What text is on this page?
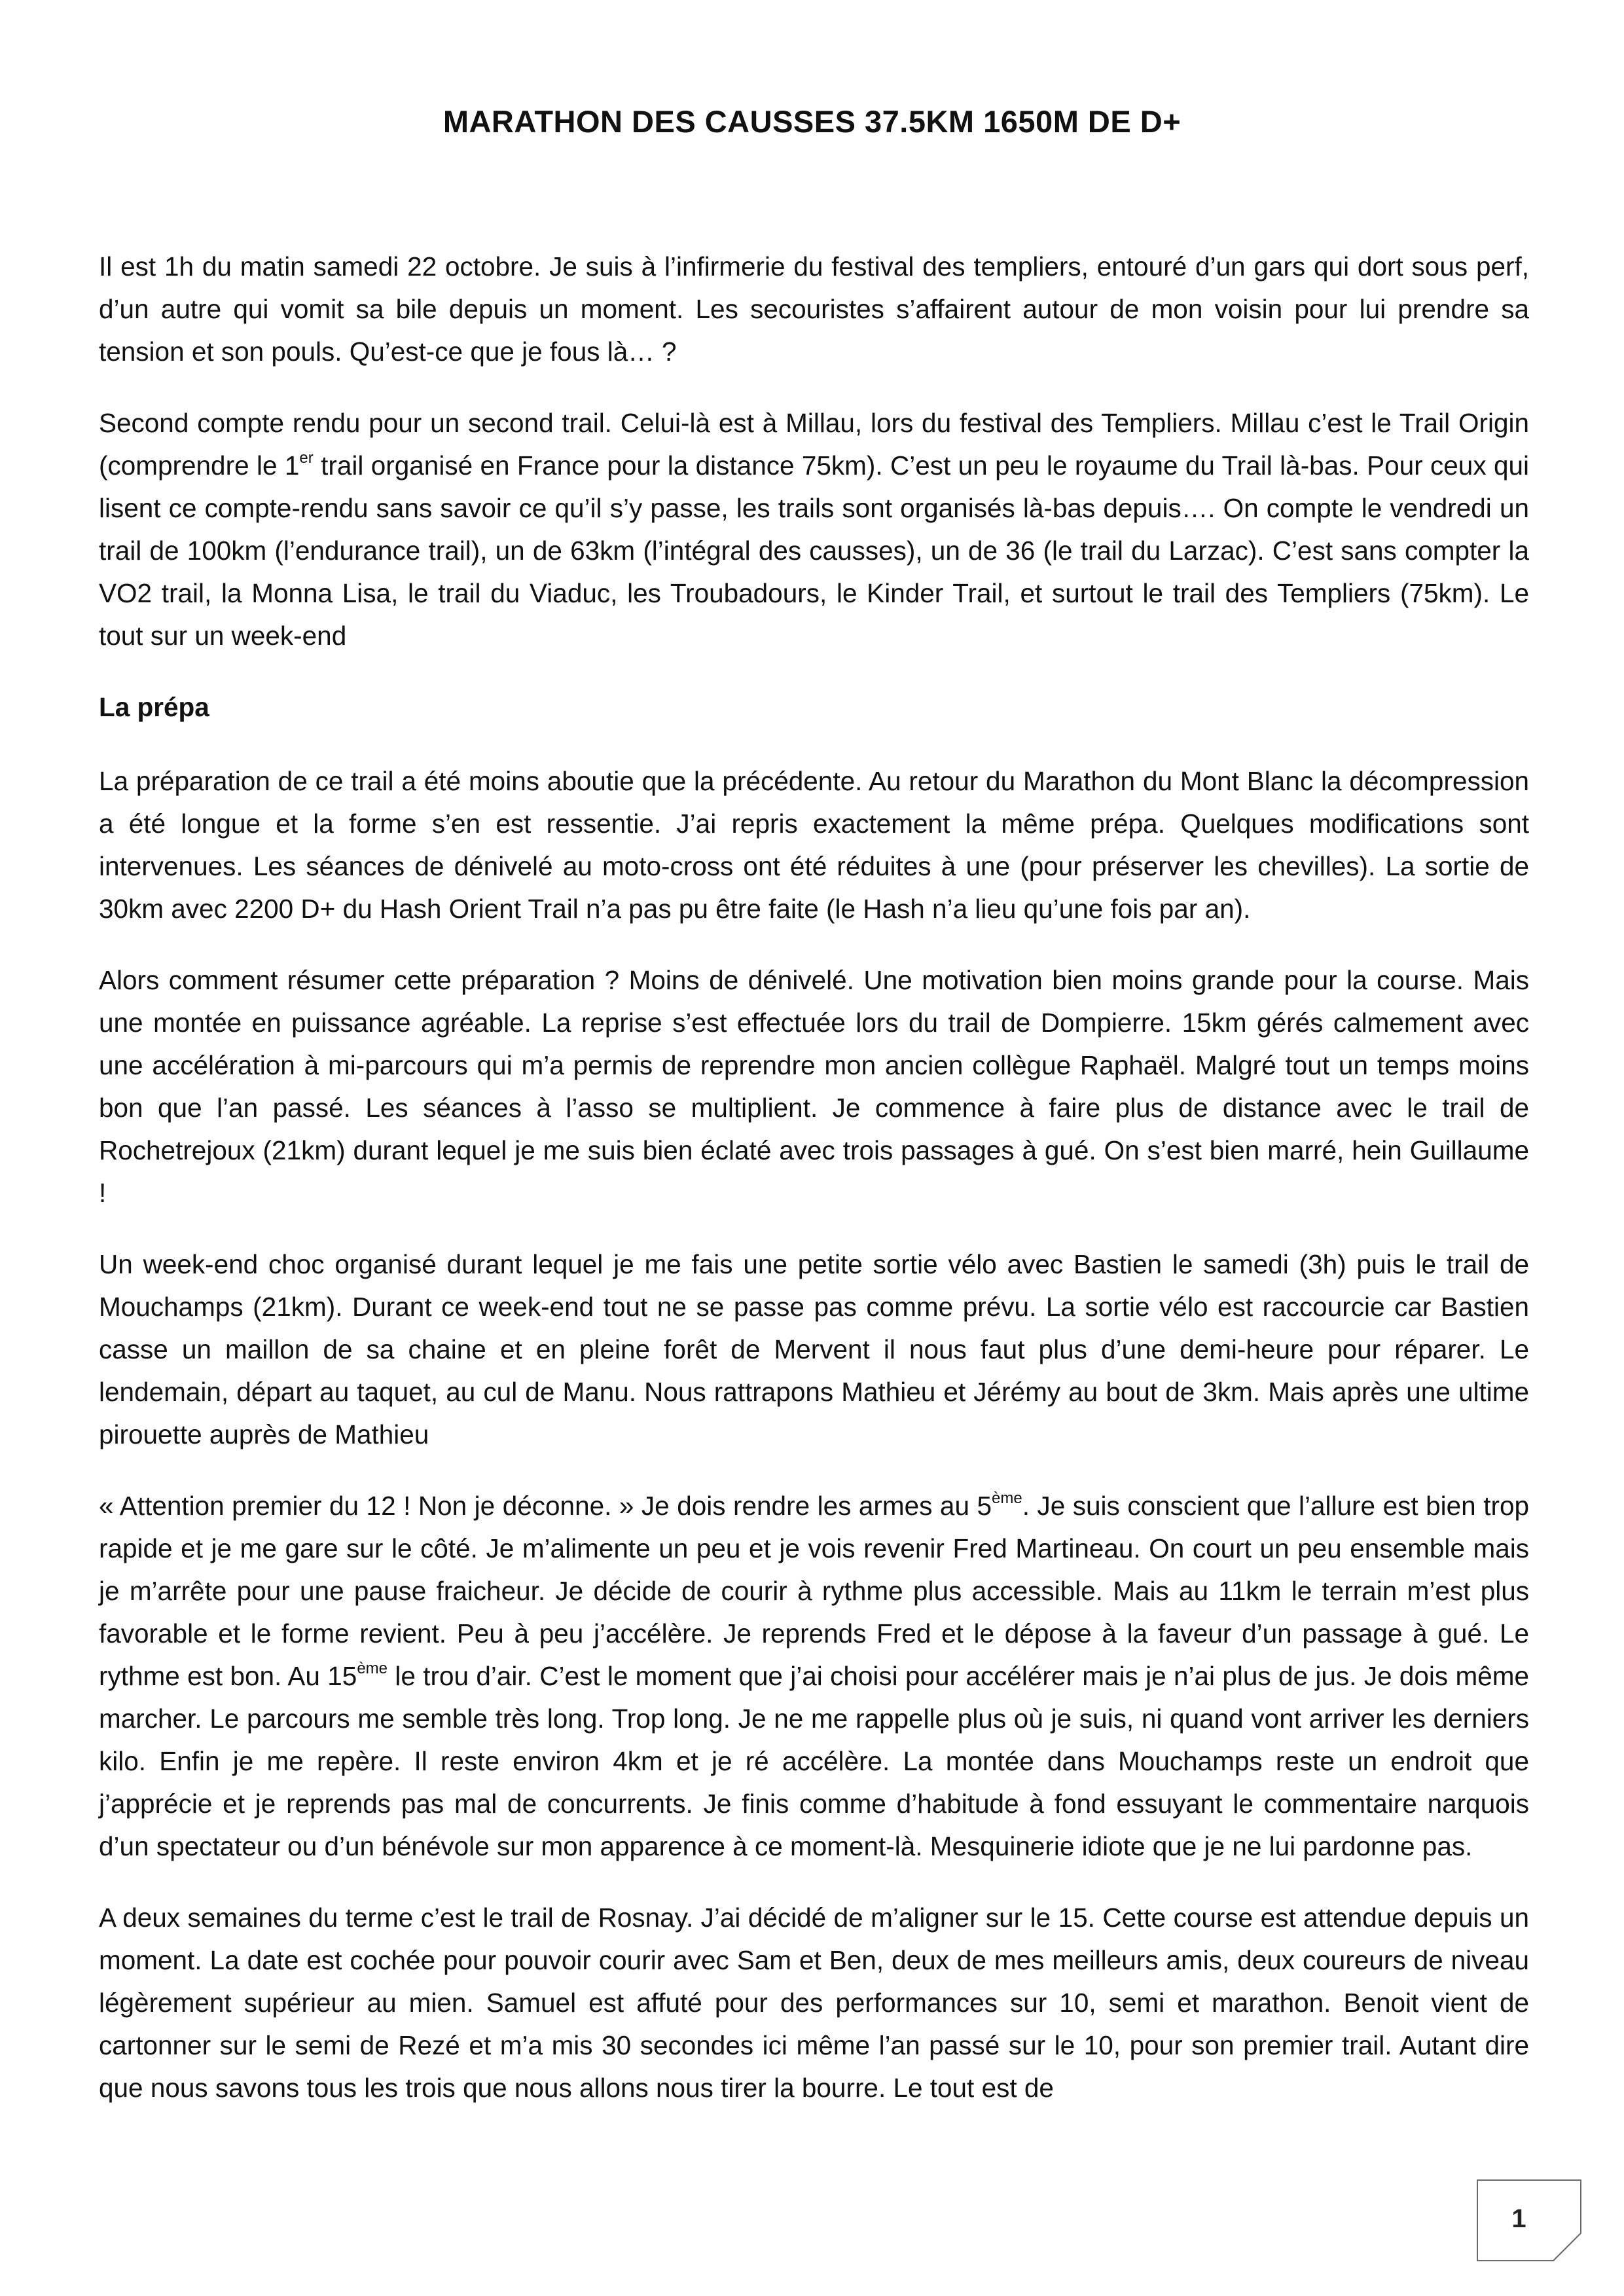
MARATHON DES CAUSSES 37.5KM 1650M DE D+

Il est 1h du matin samedi 22 octobre. Je suis à l’infirmerie du festival des templiers, entouré d’un gars qui dort sous perf, d’un autre qui vomit sa bile depuis un moment. Les secouristes s’affairent autour de mon voisin pour lui prendre sa tension et son pouls. Qu’est-ce que je fous là… ?

Second compte rendu pour un second trail. Celui-là est à Millau, lors du festival des Templiers. Millau c’est le Trail Origin (comprendre le 1er trail organisé en France pour la distance 75km). C’est un peu le royaume du Trail là-bas. Pour ceux qui lisent ce compte-rendu sans savoir ce qu’il s’y passe, les trails sont organisés là-bas depuis…. On compte le vendredi un trail de 100km (l’endurance trail), un de 63km (l’intégral des causses), un de 36 (le trail du Larzac). C’est sans compter la VO2 trail, la Monna Lisa, le trail du Viaduc, les Troubadours, le Kinder Trail, et surtout le trail des Templiers (75km). Le tout sur un week-end

La prépa

La préparation de ce trail a été moins aboutie que la précédente. Au retour du Marathon du Mont Blanc la décompression a été longue et la forme s’en est ressentie. J’ai repris exactement la même prépa. Quelques modifications sont intervenues. Les séances de dénivelé au moto-cross ont été réduites à une (pour préserver les chevilles). La sortie de 30km avec 2200 D+ du Hash Orient Trail n’a pas pu être faite (le Hash n’a lieu qu’une fois par an).

Alors comment résumer cette préparation ? Moins de dénivelé. Une motivation bien moins grande pour la course. Mais une montée en puissance agréable. La reprise s’est effectuée lors du trail de Dompierre. 15km gérés calmement avec une accélération à mi-parcours qui m’a permis de reprendre mon ancien collègue Raphaël. Malgré tout un temps moins bon que l’an passé. Les séances à l’asso se multiplient. Je commence à faire plus de distance avec le trail de Rochetrejoux (21km) durant lequel je me suis bien éclaté avec trois passages à gué. On s’est bien marré, hein Guillaume !

Un week-end choc organisé durant lequel je me fais une petite sortie vélo avec Bastien le samedi (3h) puis le trail de Mouchamps (21km). Durant ce week-end tout ne se passe pas comme prévu. La sortie vélo est raccourcie car Bastien casse un maillon de sa chaine et en pleine forêt de Mervent il nous faut plus d’une demi-heure pour réparer. Le lendemain, départ au taquet, au cul de Manu. Nous rattrapons Mathieu et Jérémy au bout de 3km. Mais après une ultime pirouette auprès de Mathieu

« Attention premier du 12 ! Non je déconne. » Je dois rendre les armes au 5ème. Je suis conscient que l’allure est bien trop rapide et je me gare sur le côté. Je m’alimente un peu et je vois revenir Fred Martineau. On court un peu ensemble mais je m’arrête pour une pause fraicheur. Je décide de courir à rythme plus accessible. Mais au 11km le terrain m’est plus favorable et le forme revient. Peu à peu j’accélère. Je reprends Fred et le dépose à la faveur d’un passage à gué. Le rythme est bon. Au 15ème le trou d’air. C’est le moment que j’ai choisi pour accélérer mais je n’ai plus de jus. Je dois même marcher. Le parcours me semble très long. Trop long. Je ne me rappelle plus où je suis, ni quand vont arriver les derniers kilo. Enfin je me repère. Il reste environ 4km et je ré accélère. La montée dans Mouchamps reste un endroit que j’apprécie et je reprends pas mal de concurrents. Je finis comme d’habitude à fond essuyant le commentaire narquois d’un spectateur ou d’un bénévole sur mon apparence à ce moment-là. Mesquinerie idiote que je ne lui pardonne pas.

A deux semaines du terme c’est le trail de Rosnay. J’ai décidé de m’aligner sur le 15. Cette course est attendue depuis un moment. La date est cochée pour pouvoir courir avec Sam et Ben, deux de mes meilleurs amis, deux coureurs de niveau légèrement supérieur au mien. Samuel est affuté pour des performances sur 10, semi et marathon. Benoit vient de cartonner sur le semi de Rezé et m’a mis 30 secondes ici même l’an passé sur le 10, pour son premier trail. Autant dire que nous savons tous les trois que nous allons nous tirer la bourre. Le tout est de

1
